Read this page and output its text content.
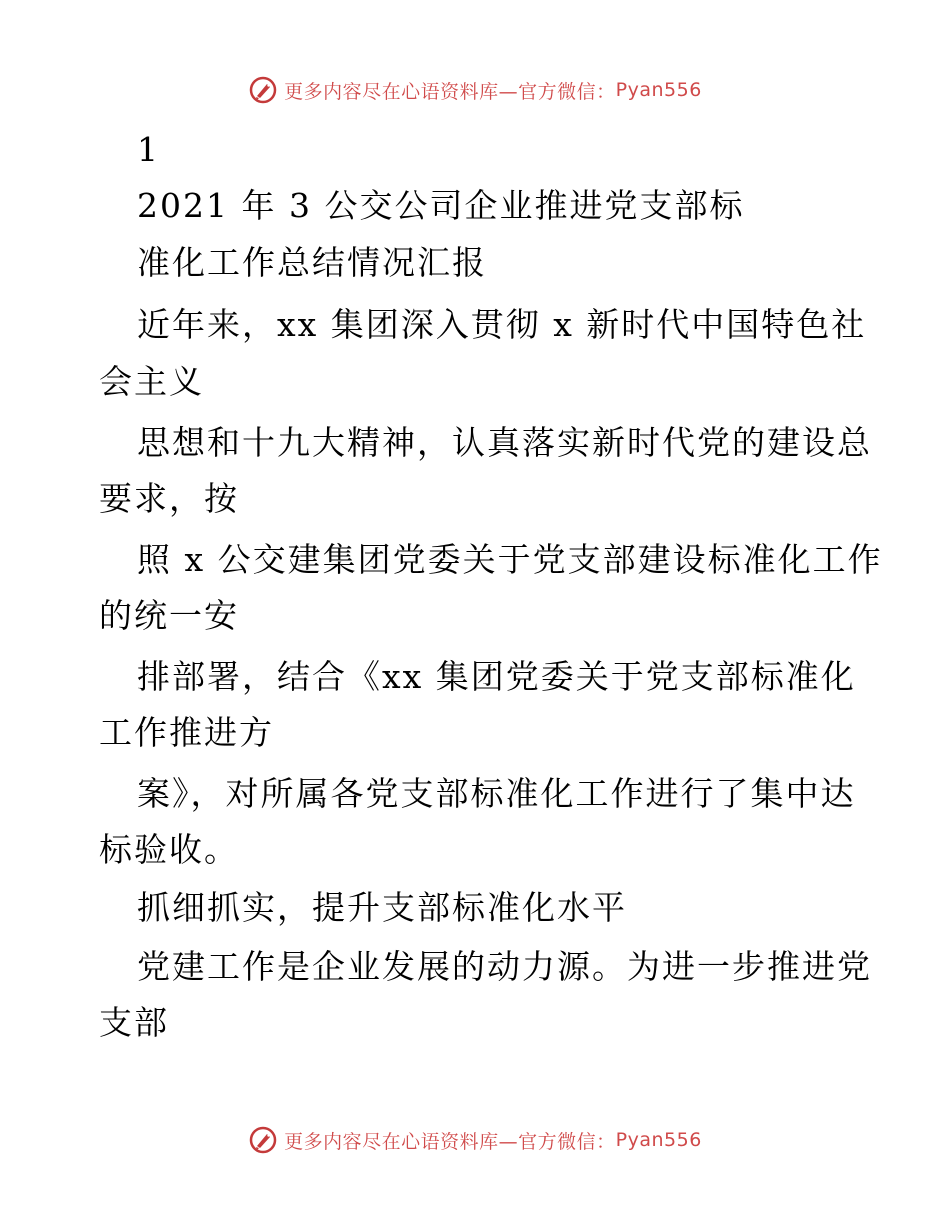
更多内容尽在心语资料库—官方微信： Pyan556
1
2021 年 3 公交公司企业推进党支部标
准化工作总结情况汇报
近年来，xx 集团深入贯彻 x 新时代中国特色社
会主义
思想和十九大精神，认真落实新时代党的建设总
要求，按
照 x 公交建集团党委关于党支部建设标准化工作
的统一安
排部署，结合《xx 集团党委关于党支部标准化
工作推进方
案》，对所属各党支部标准化工作进行了集中达
标验收。
抓细抓实，提升支部标准化水平
党建工作是企业发展的动力源。为进一步推进党
支部
更多内容尽在心语资料库—官方微信： Pyan556
